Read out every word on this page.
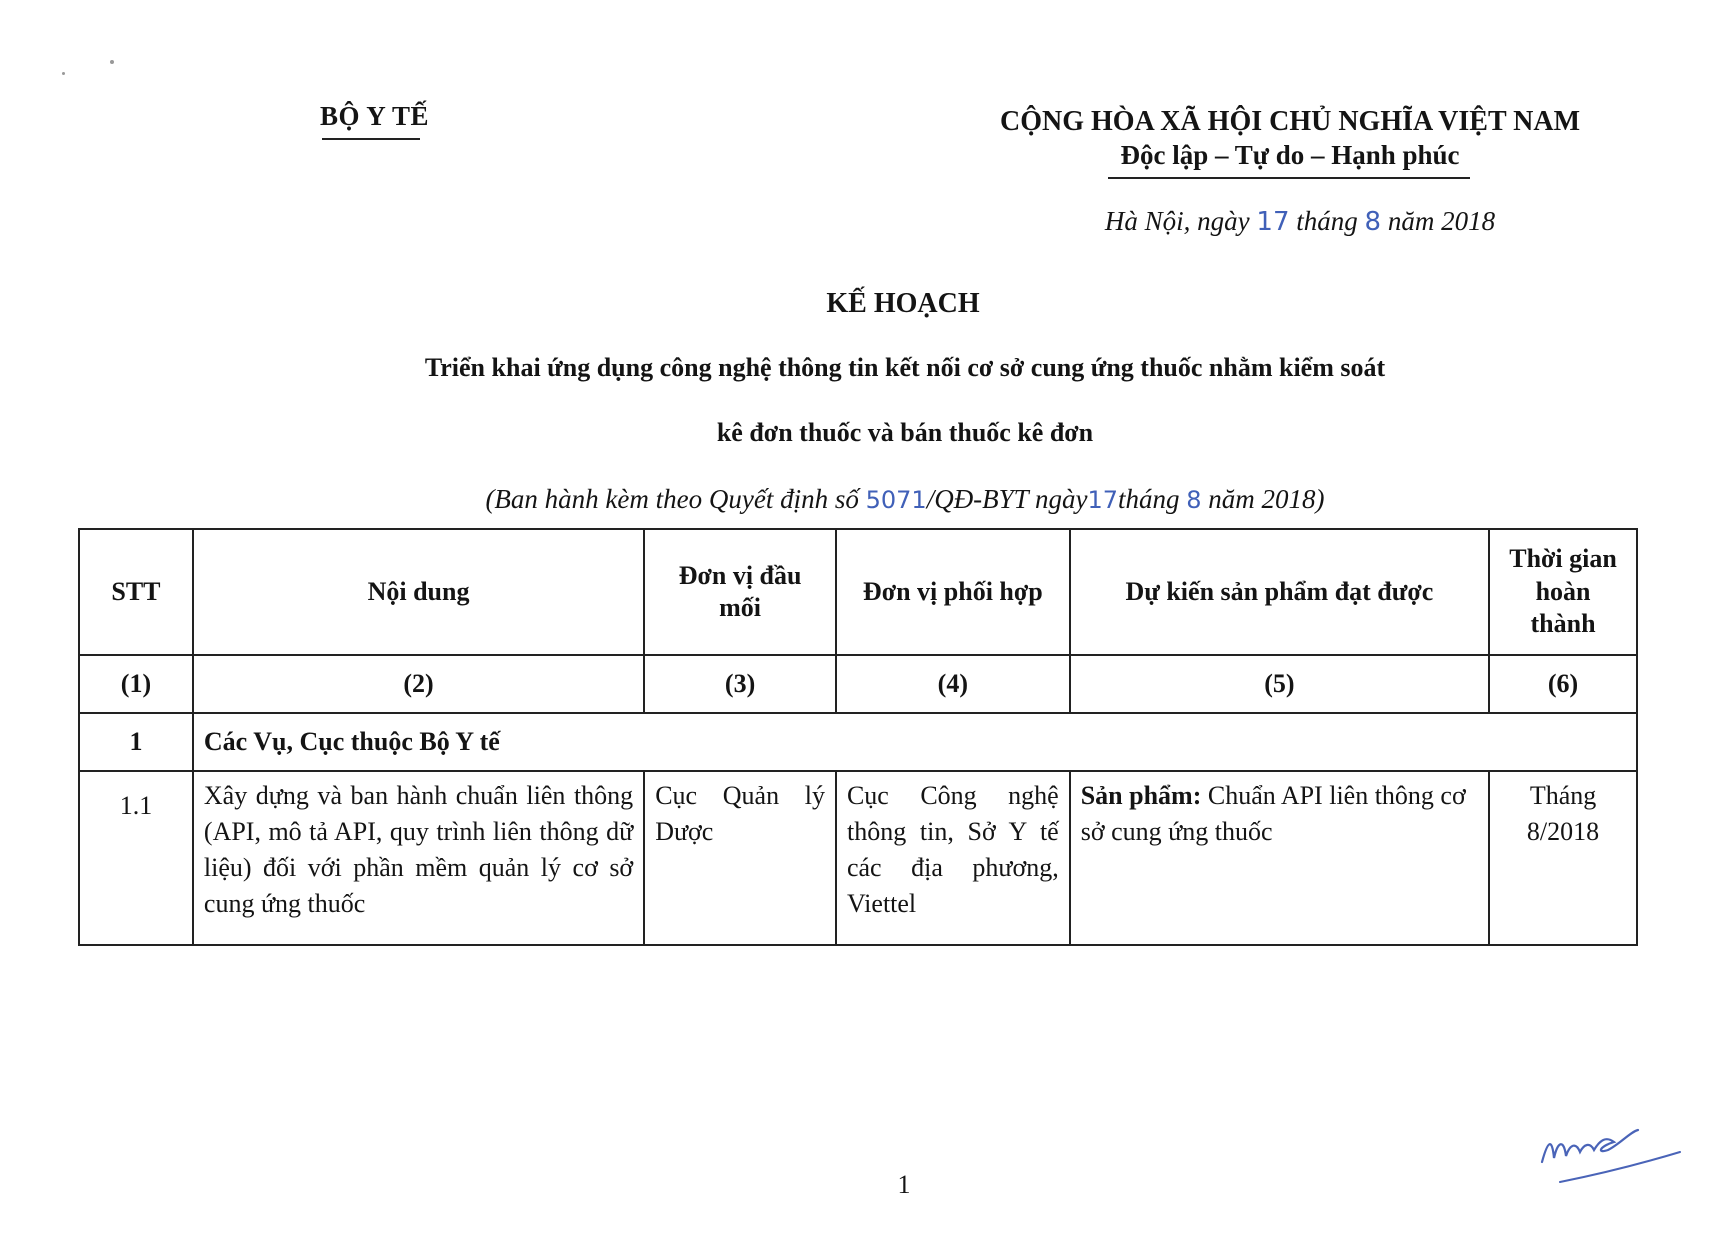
BỘ Y TẾ	CỘNG HÒA XÃ HỘI CHỦ NGHĨA VIỆT NAM
Độc lập – Tự do – Hạnh phúc
Hà Nội, ngày 17 tháng 8 năm 2018
KẾ HOẠCH
Triển khai ứng dụng công nghệ thông tin kết nối cơ sở cung ứng thuốc nhằm kiểm soát
kê đơn thuốc và bán thuốc kê đơn
(Ban hành kèm theo Quyết định số 5071/QĐ-BYT ngày17tháng 8 năm 2018)
STT	Nội dung	Đơn vị đầu mối	Đơn vị phối hợp	Dự kiến sản phẩm đạt được	Thời gian hoàn thành
(1)	(2)	(3)	(4)	(5)	(6)
1	Các Vụ, Cục thuộc Bộ Y tế				
1.1	Xây dựng và ban hành chuẩn liên thông (API, mô tả API, quy trình liên thông dữ liệu) đối với phần mềm quản lý cơ sở cung ứng thuốc	Cục Quản lý Dược	Cục Công nghệ thông tin, Sở Y tế các địa phương, Viettel	Sản phẩm: Chuẩn API liên thông cơ sở cung ứng thuốc	Tháng 8/2018
1
